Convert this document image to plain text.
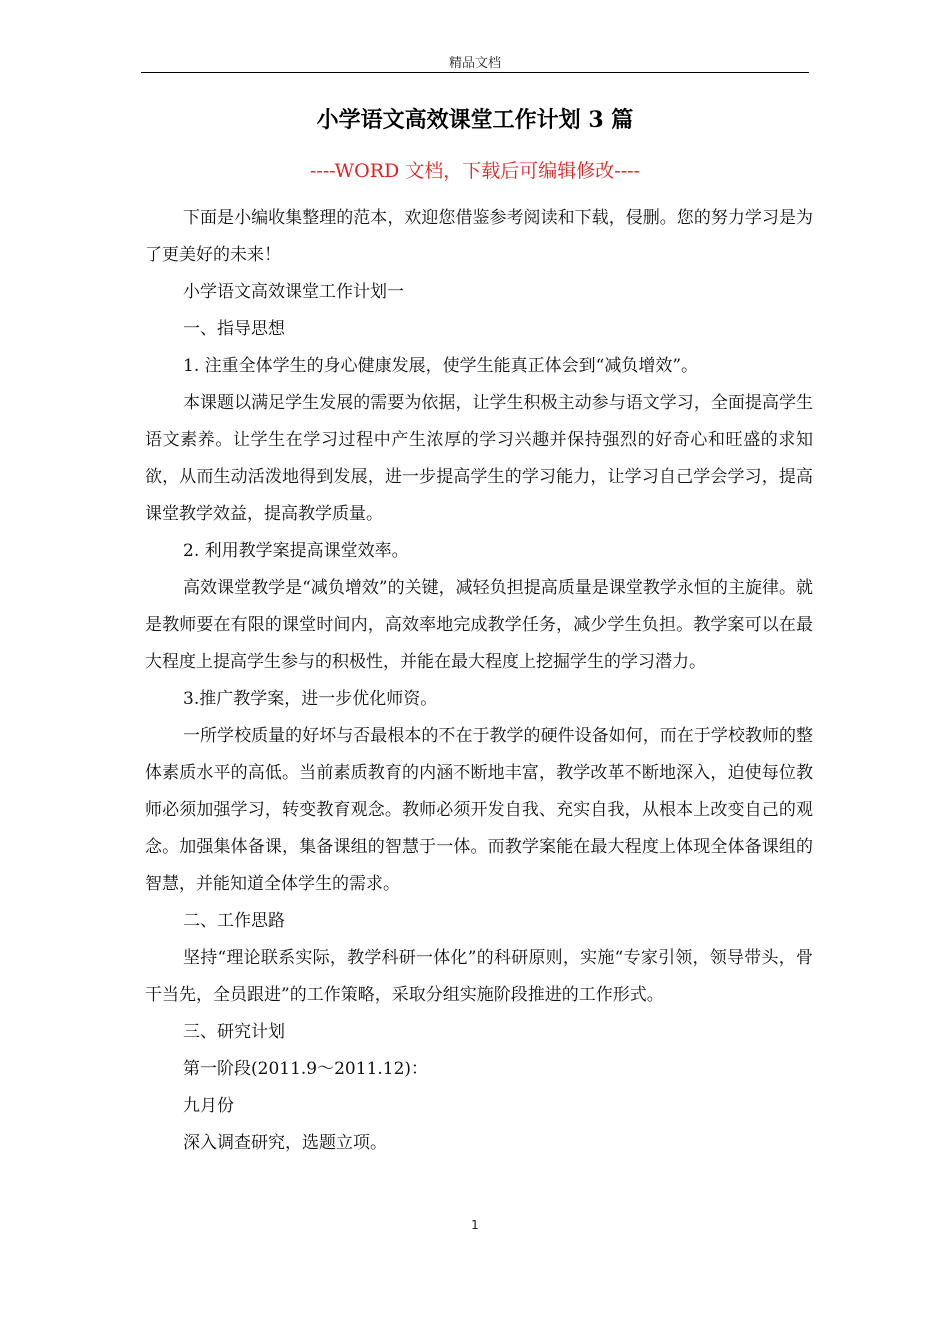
精品文档
小学语文高效课堂工作计划 3 篇
----WORD 文档，下载后可编辑修改----

下面是小编收集整理的范本，欢迎您借鉴参考阅读和下载，侵删。您的努力学习是为了更美好的未来！

小学语文高效课堂工作计划一

一、指导思想

1. 注重全体学生的身心健康发展，使学生能真正体会到“减负增效”。

本课题以满足学生发展的需要为依据，让学生积极主动参与语文学习，全面提高学生语文素养。让学生在学习过程中产生浓厚的学习兴趣并保持强烈的好奇心和旺盛的求知欲，从而生动活泼地得到发展，进一步提高学生的学习能力，让学习自己学会学习，提高课堂教学效益，提高教学质量。

2. 利用教学案提高课堂效率。

高效课堂教学是“减负增效”的关键，减轻负担提高质量是课堂教学永恒的主旋律。就是教师要在有限的课堂时间内，高效率地完成教学任务，减少学生负担。教学案可以在最大程度上提高学生参与的积极性，并能在最大程度上挖掘学生的学习潜力。

3.推广教学案，进一步优化师资。

一所学校质量的好坏与否最根本的不在于教学的硬件设备如何，而在于学校教师的整体素质水平的高低。当前素质教育的内涵不断地丰富，教学改革不断地深入，迫使每位教师必须加强学习，转变教育观念。教师必须开发自我、充实自我，从根本上改变自己的观念。加强集体备课，集备课组的智慧于一体。而教学案能在最大程度上体现全体备课组的智慧，并能知道全体学生的需求。

二、工作思路

坚持“理论联系实际，教学科研一体化”的科研原则，实施“专家引领，领导带头，骨干当先，全员跟进”的工作策略，采取分组实施阶段推进的工作形式。

三、研究计划

第一阶段(2011.9～2011.12)：

九月份

深入调查研究，选题立项。

1
